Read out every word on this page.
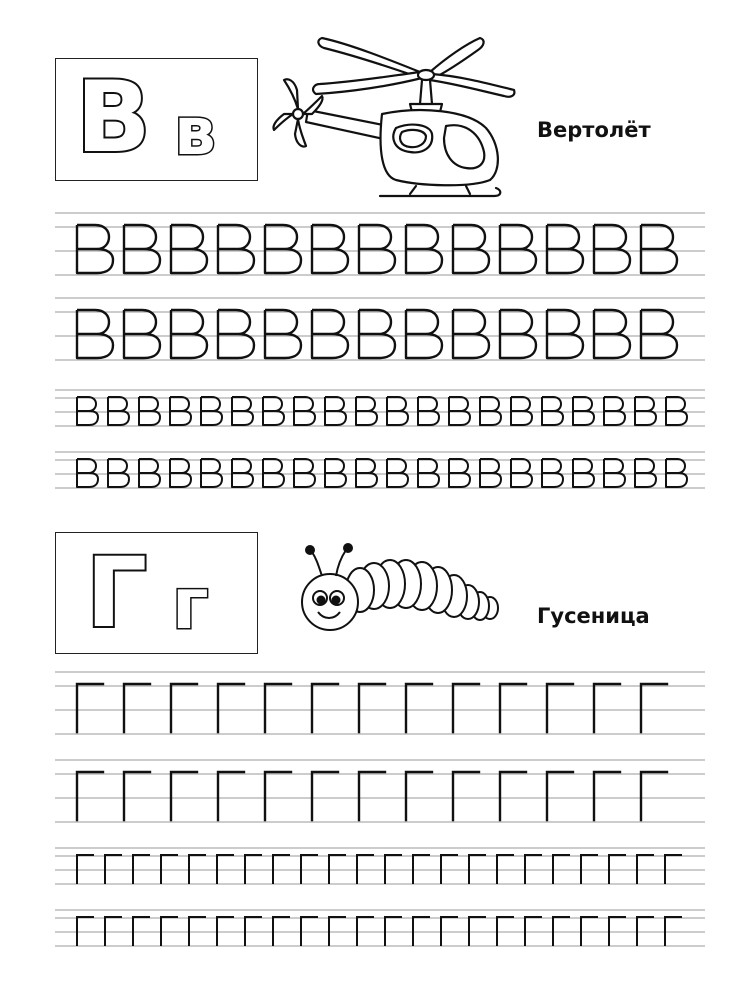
В в	Вертолёт
Г г	Гусеница
